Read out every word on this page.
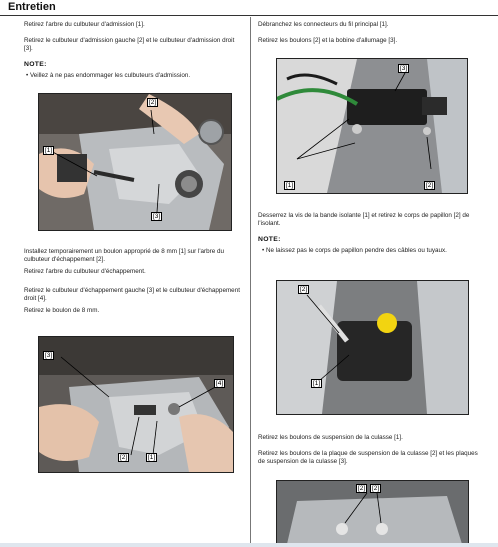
Entretien

Retirez l'arbre du culbuteur d'admission [1].

Retirez le culbuteur d'admission gauche [2] et le culbuteur d'admission droit [3].

NOTE:

• Veillez à ne pas endommager les culbuteurs d'admission.

[1]
[2]
[3]

Installez temporairement un boulon approprié de 8 mm [1] sur l'arbre du culbuteur d'échappement [2].

Retirez l'arbre du culbuteur d'échappement.

Retirez le culbuteur d'échappement gauche [3] et le culbuteur d'échappement droit [4].

Retirez le boulon de 8 mm.

[3]
[4]
[2]	[1]

Débranchez les connecteurs du fil principal [1].

Retirez les boulons [2] et la bobine d'allumage [3].

[3]
[1]	[2]

Desserrez la vis de la bande isolante [1] et retirez le corps de papillon [2] de l'isolant.

NOTE:

• Ne laissez pas le corps de papillon pendre des câbles ou tuyaux.

[2]
[1]

Retirez les boulons de suspension de la culasse [1].

Retirez les boulons de la plaque de suspension de la culasse [2] et les plaques de suspension de la culasse [3].

[2]	[2]
